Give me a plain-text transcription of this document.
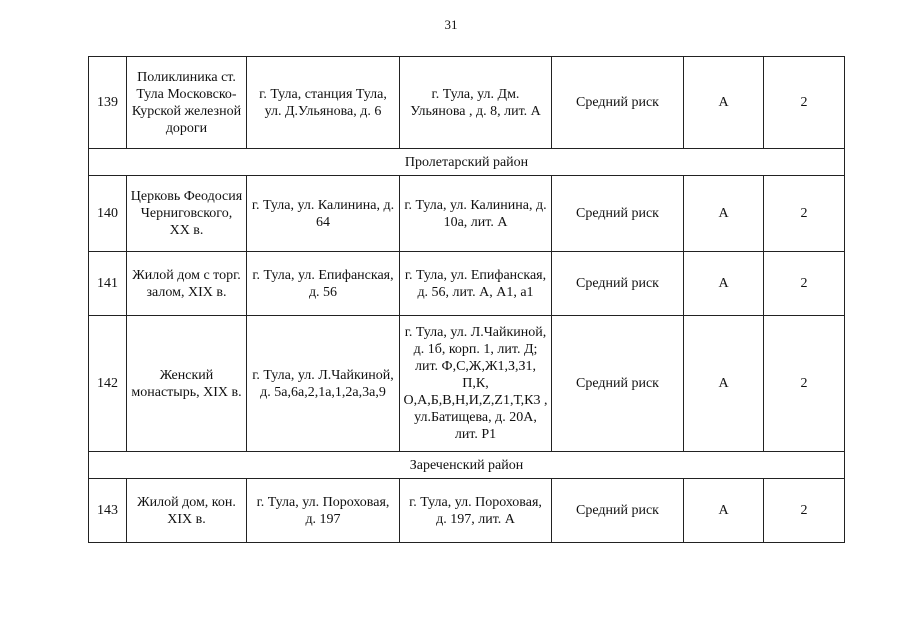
31
139	Поликлиника ст. Тула Московско-Курской железной дороги	г. Тула, станция Тула, ул. Д.Ульянова, д. 6	г. Тула, ул. Дм. Ульянова , д. 8, лит. А	Средний риск	А	2
Пролетарский район						
140	Церковь Феодосия Черниговского, XX в.	г. Тула, ул. Калинина, д. 64	г. Тула, ул. Калинина, д. 10а, лит. А	Средний риск	А	2
141	Жилой дом с торг. залом, XIX в.	г. Тула, ул. Епифанская, д. 56	г. Тула, ул. Епифанская, д. 56, лит. А, А1, а1	Средний риск	А	2
142	Женский монастырь, XIX в.	г. Тула, ул. Л.Чайкиной, д. 5а,6а,2,1а,1,2а,3а,9	г. Тула, ул. Л.Чайкиной, д. 1б, корп. 1, лит. Д; лит. Ф,С,Ж,Ж1,З,З1, П,К, О,А,Б,В,Н,И,Z,Z1,Т,К3 , ул.Батищева, д. 20А, лит. Р1	Средний риск	А	2
Зареченский район						
143	Жилой дом, кон. XIX в.	г. Тула, ул. Пороховая, д. 197	г. Тула, ул. Пороховая, д. 197, лит. А	Средний риск	А	2
